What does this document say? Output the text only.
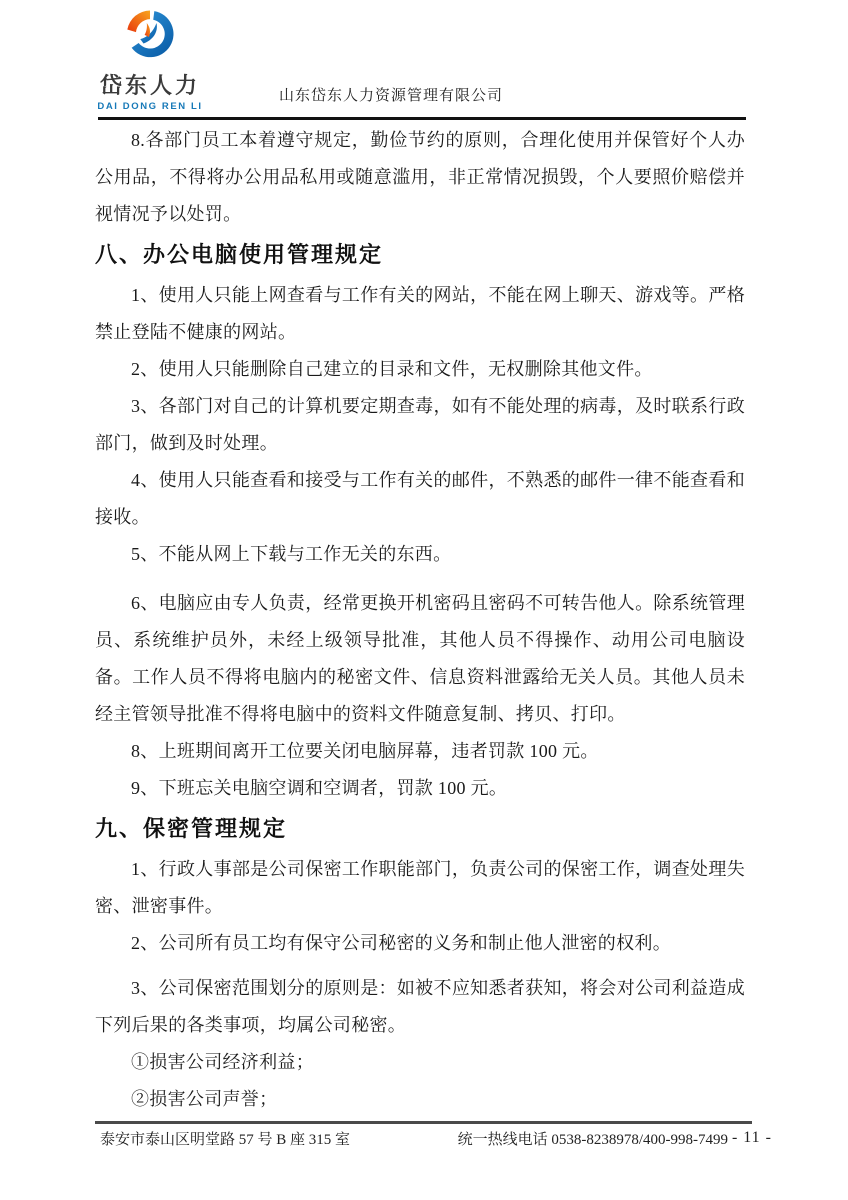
岱东人力
DAI DONG REN LI
山东岱东人力资源管理有限公司

8.各部门员工本着遵守规定，勤俭节约的原则，合理化使用并保管好个人办公用品，不得将办公用品私用或随意滥用，非正常情况损毁，个人要照价赔偿并视情况予以处罚。

八、办公电脑使用管理规定

1、使用人只能上网查看与工作有关的网站，不能在网上聊天、游戏等。严格禁止登陆不健康的网站。

2、使用人只能删除自己建立的目录和文件，无权删除其他文件。

3、各部门对自己的计算机要定期查毒，如有不能处理的病毒，及时联系行政部门，做到及时处理。

4、使用人只能查看和接受与工作有关的邮件，不熟悉的邮件一律不能查看和接收。

5、不能从网上下载与工作无关的东西。

6、电脑应由专人负责，经常更换开机密码且密码不可转告他人。除系统管理员、系统维护员外，未经上级领导批准，其他人员不得操作、动用公司电脑设备。工作人员不得将电脑内的秘密文件、信息资料泄露给无关人员。其他人员未经主管领导批准不得将电脑中的资料文件随意复制、拷贝、打印。

8、上班期间离开工位要关闭电脑屏幕，违者罚款 100 元。

9、下班忘关电脑空调和空调者，罚款 100 元。

九、保密管理规定

1、行政人事部是公司保密工作职能部门，负责公司的保密工作，调查处理失密、泄密事件。

2、公司所有员工均有保守公司秘密的义务和制止他人泄密的权利。

3、公司保密范围划分的原则是：如被不应知悉者获知，将会对公司利益造成下列后果的各类事项，均属公司秘密。

①损害公司经济利益；

②损害公司声誉；

泰安市泰山区明堂路 57 号 B 座 315 室	统一热线电话 0538-8238978/400-998-7499 - 11 -
